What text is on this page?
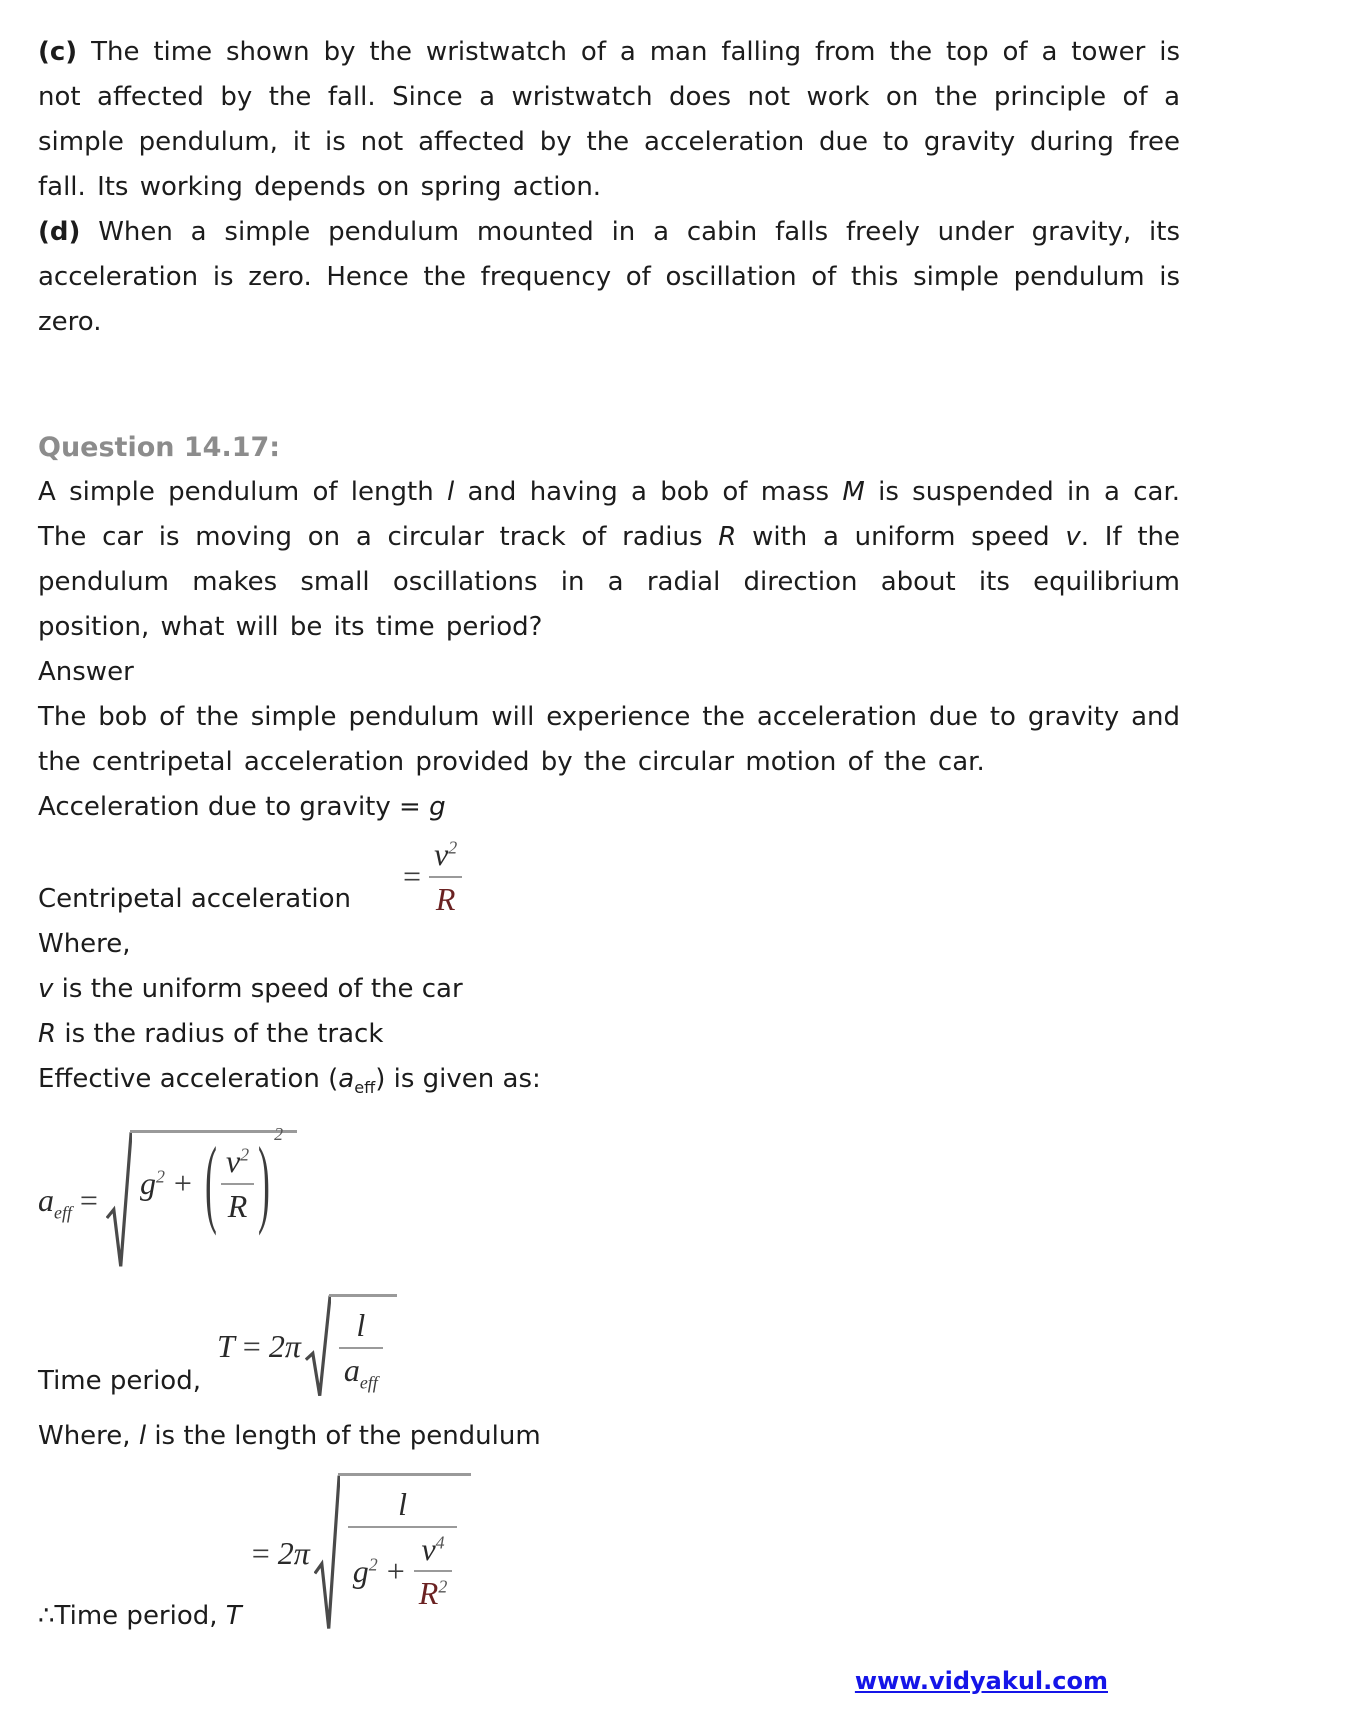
(c) The time shown by the wristwatch of a man falling from the top of a tower is not affected by the fall. Since a wristwatch does not work on the principle of a simple pendulum, it is not affected by the acceleration due to gravity during free fall. Its working depends on spring action.

(d) When a simple pendulum mounted in a cabin falls freely under gravity, its acceleration is zero. Hence the frequency of oscillation of this simple pendulum is zero.

Question 14.17:

A simple pendulum of length l and having a bob of mass M is suspended in a car. The car is moving on a circular track of radius R with a uniform speed v. If the pendulum makes small oscillations in a radial direction about its equilibrium position, what will be its time period?

Answer

The bob of the simple pendulum will experience the acceleration due to gravity and the centripetal acceleration provided by the circular motion of the car.

Acceleration due to gravity = g

Centripetal acceleration
= $\frac{v^2}{R}$

Where,

v is the uniform speed of the car

R is the radius of the track

Effective acceleration $(a_{eff})$ is given as:

$a_{eff} = g^2$ + ( $\frac{v^2}{R} )^2$
Time period,
$T = 2\pi \frac{l}{a_{eff}}$

Where, l is the length of the pendulum

∴Time period, T
= 2π
l
$g^2 + \frac{v^4}{R^2}$
www.vidyakul.com
